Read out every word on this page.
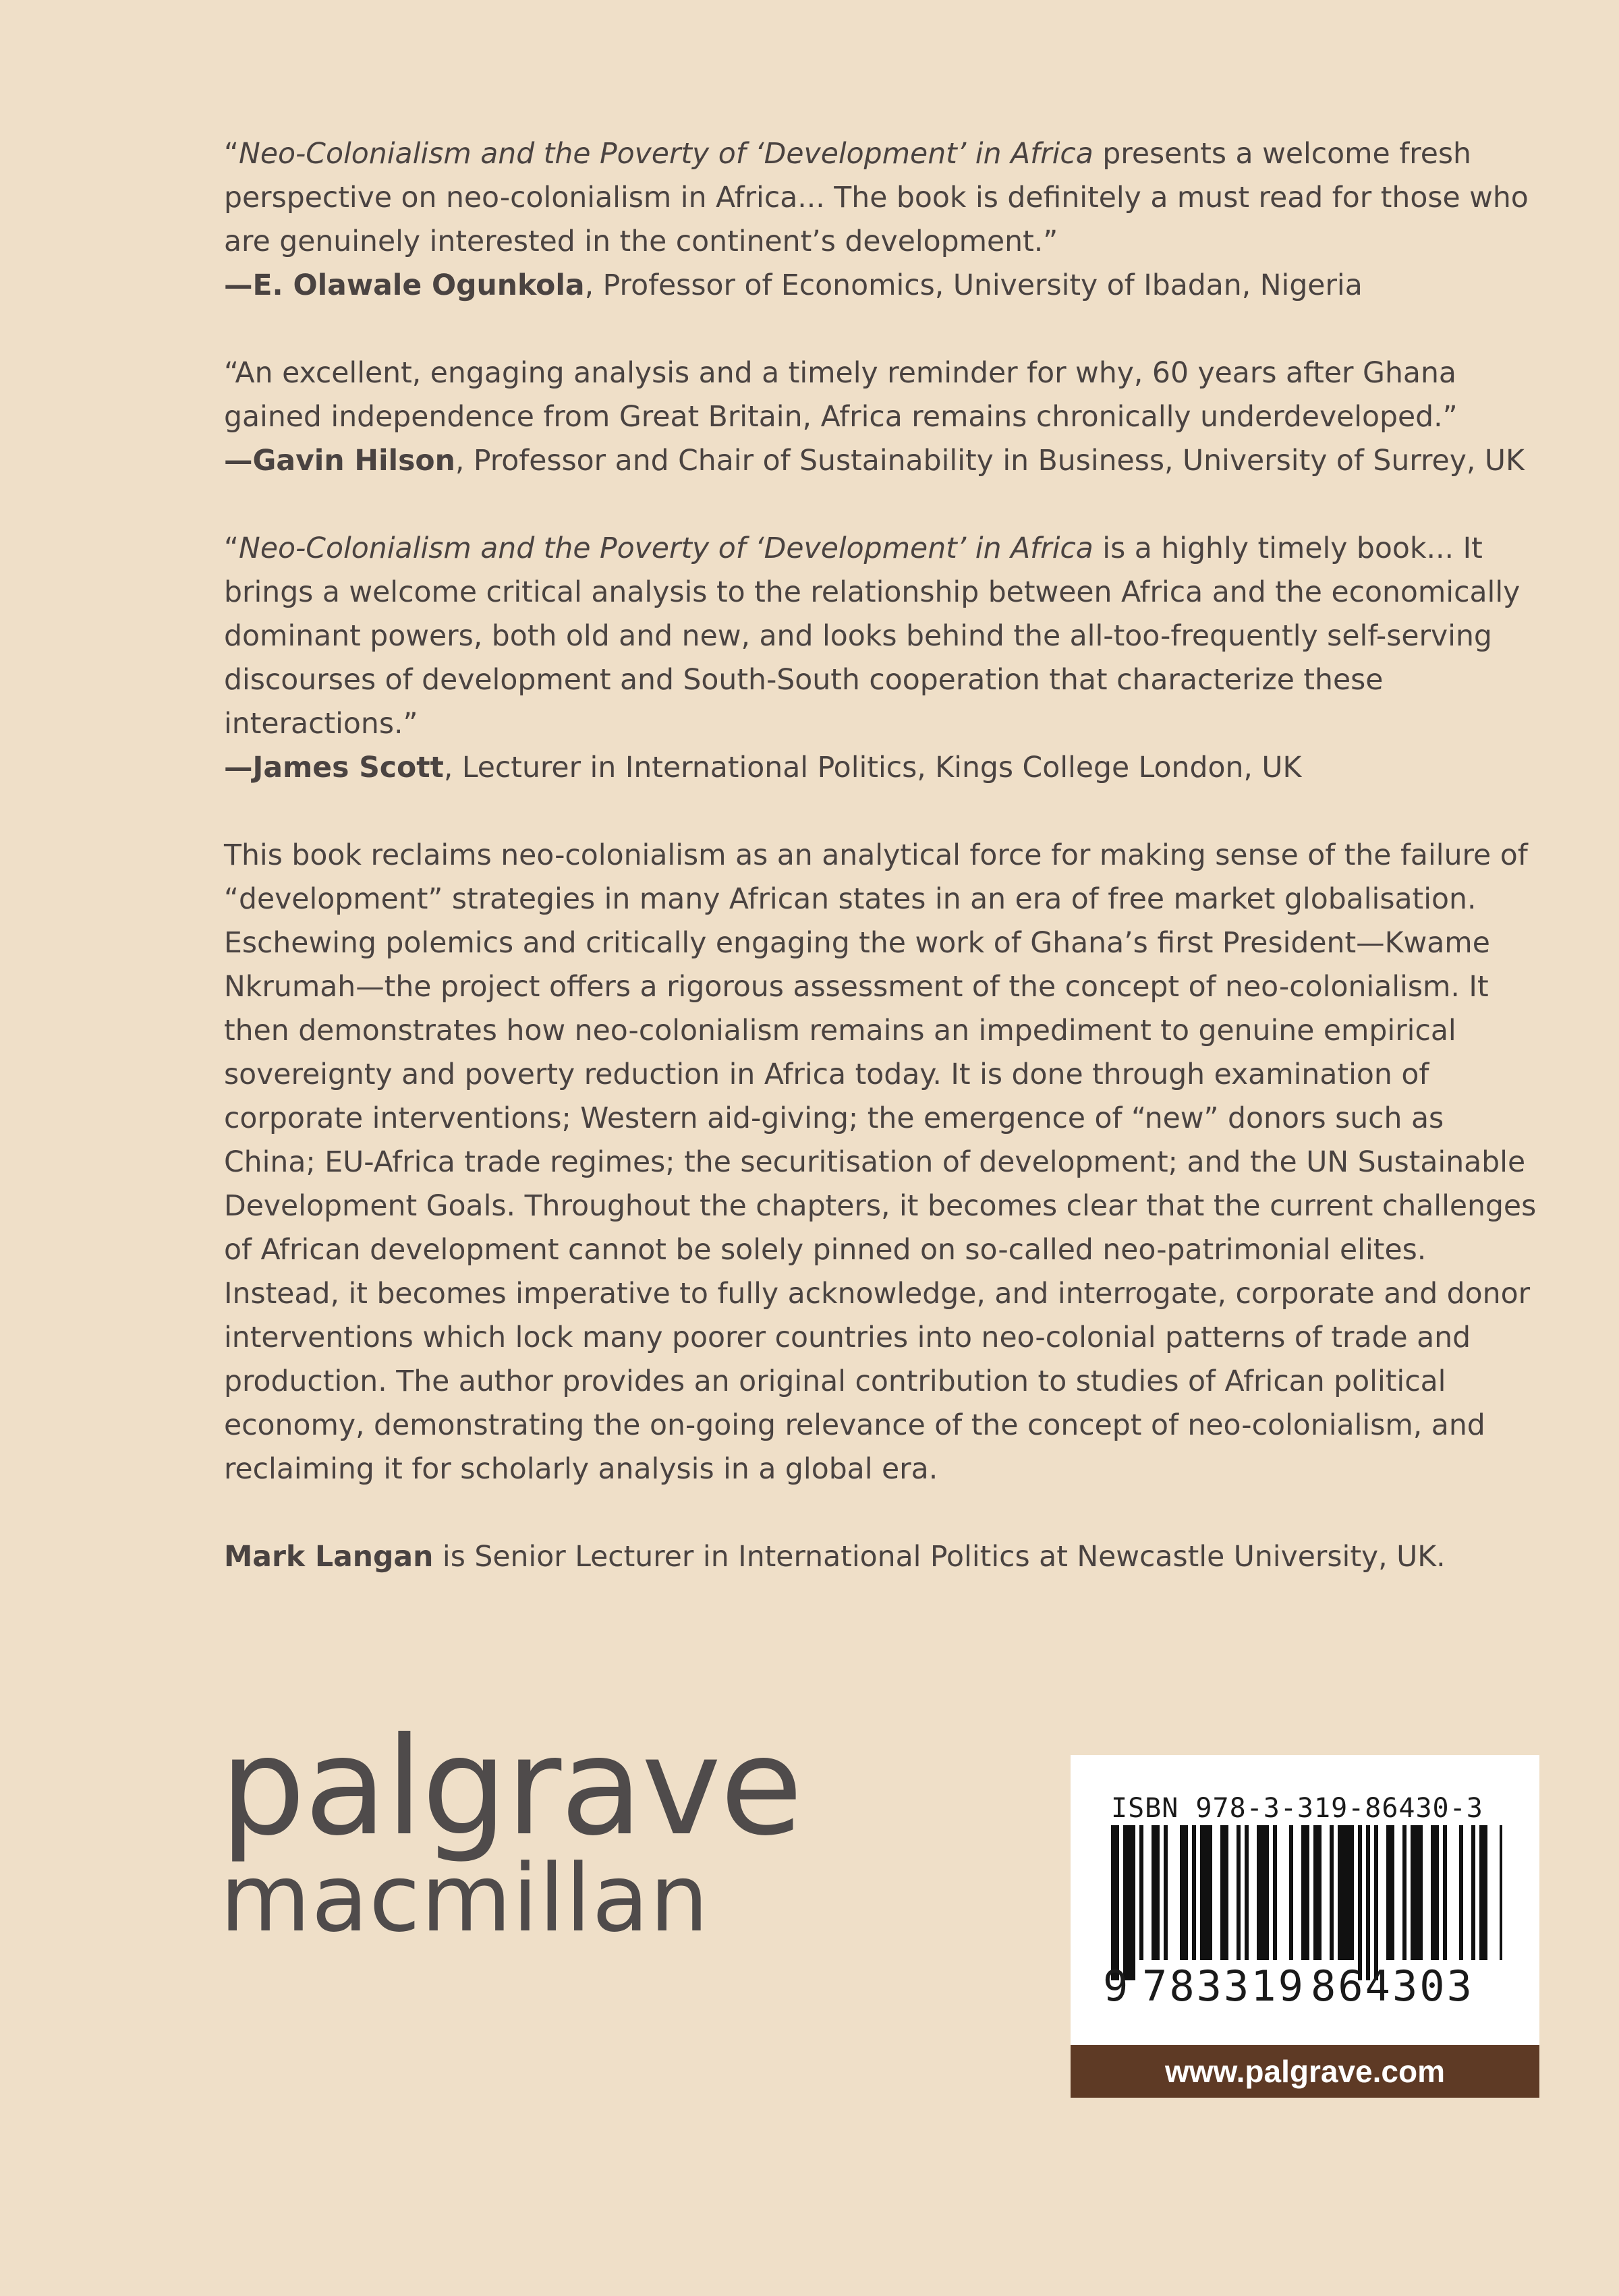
“Neo-Colonialism and the Poverty of ‘Development’ in Africa presents a welcome fresh perspective on neo-colonialism in Africa... The book is definitely a must read for those who are genuinely interested in the continent’s development.”

—E. Olawale Ogunkola, Professor of Economics, University of Ibadan, Nigeria

“An excellent, engaging analysis and a timely reminder for why, 60 years after Ghana gained independence from Great Britain, Africa remains chronically underdeveloped.”

—Gavin Hilson, Professor and Chair of Sustainability in Business, University of Surrey, UK

“Neo-Colonialism and the Poverty of ‘Development’ in Africa is a highly timely book... It brings a welcome critical analysis to the relationship between Africa and the economically dominant powers, both old and new, and looks behind the all-too-frequently self-serving discourses of development and South-South cooperation that characterize these interactions.”

—James Scott, Lecturer in International Politics, Kings College London, UK

This book reclaims neo-colonialism as an analytical force for making sense of the failure of “development” strategies in many African states in an era of free market globalisation. Eschewing polemics and critically engaging the work of Ghana’s first President—Kwame Nkrumah—the project offers a rigorous assessment of the concept of neo-colonialism. It then demonstrates how neo-colonialism remains an impediment to genuine empirical sovereignty and poverty reduction in Africa today. It is done through examination of corporate interventions; Western aid-giving; the emergence of “new” donors such as China; EU-Africa trade regimes; the securitisation of development; and the UN Sustainable Development Goals. Throughout the chapters, it becomes clear that the current challenges of African development cannot be solely pinned on so-called neo-patrimonial elites. Instead, it becomes imperative to fully acknowledge, and interrogate, corporate and donor interventions which lock many poorer countries into neo-colonial patterns of trade and production. The author provides an original contribution to studies of African political economy, demonstrating the on-going relevance of the concept of neo-colonialism, and reclaiming it for scholarly analysis in a global era.

Mark Langan is Senior Lecturer in International Politics at Newcastle University, UK.

palgrave

macmillan

ISBN 978-3-319-86430-3
9 783319 864303
www.palgrave.com
